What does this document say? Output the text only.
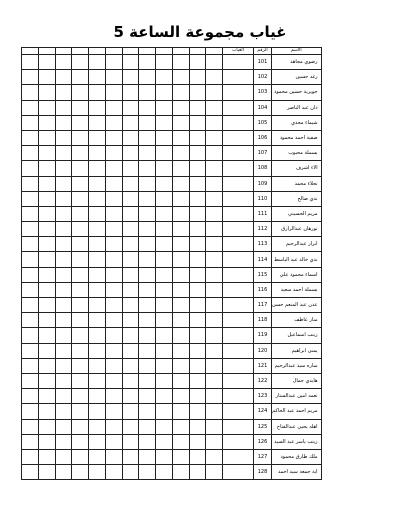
غياب مجموعة الساعة 5
												الغياب	الرقم	الاسم
													101	رضوي مجاهد
													102	رغد حسين
													103	جويرية حسين محمود
													104	دان عبد الناصر
													105	شيماء مجدي
													106	صفية احمد محمود
													107	بسملة محبوب
													108	الاء اشرف
													109	نجلاء محمد
													110	ندي صالح
													111	مريم الحسيني
													112	نورهان عبدالرازق
													113	ابرار عبدالرحيم
													114	ندي خالد عبد الباسط
													115	اسماء محمود علي
													116	بسملة احمد سعيد
													117	عدن عبد المنعم حسن
													118	منار عاطف
													119	زينب اسماعيل
													120	يمنى ابراهيم
													121	ساره سيد عبدالرحيم
													122	هايدي جمال
													123	نعمه امين عبدالستار
													124	مريم احمد عبد الحاكم
													125	اهله يحيي عبدالفتاح
													126	زينب ياسر عبد السيد
													127	ملك طارق محمود
													128	اية جمعة سيد احمد
